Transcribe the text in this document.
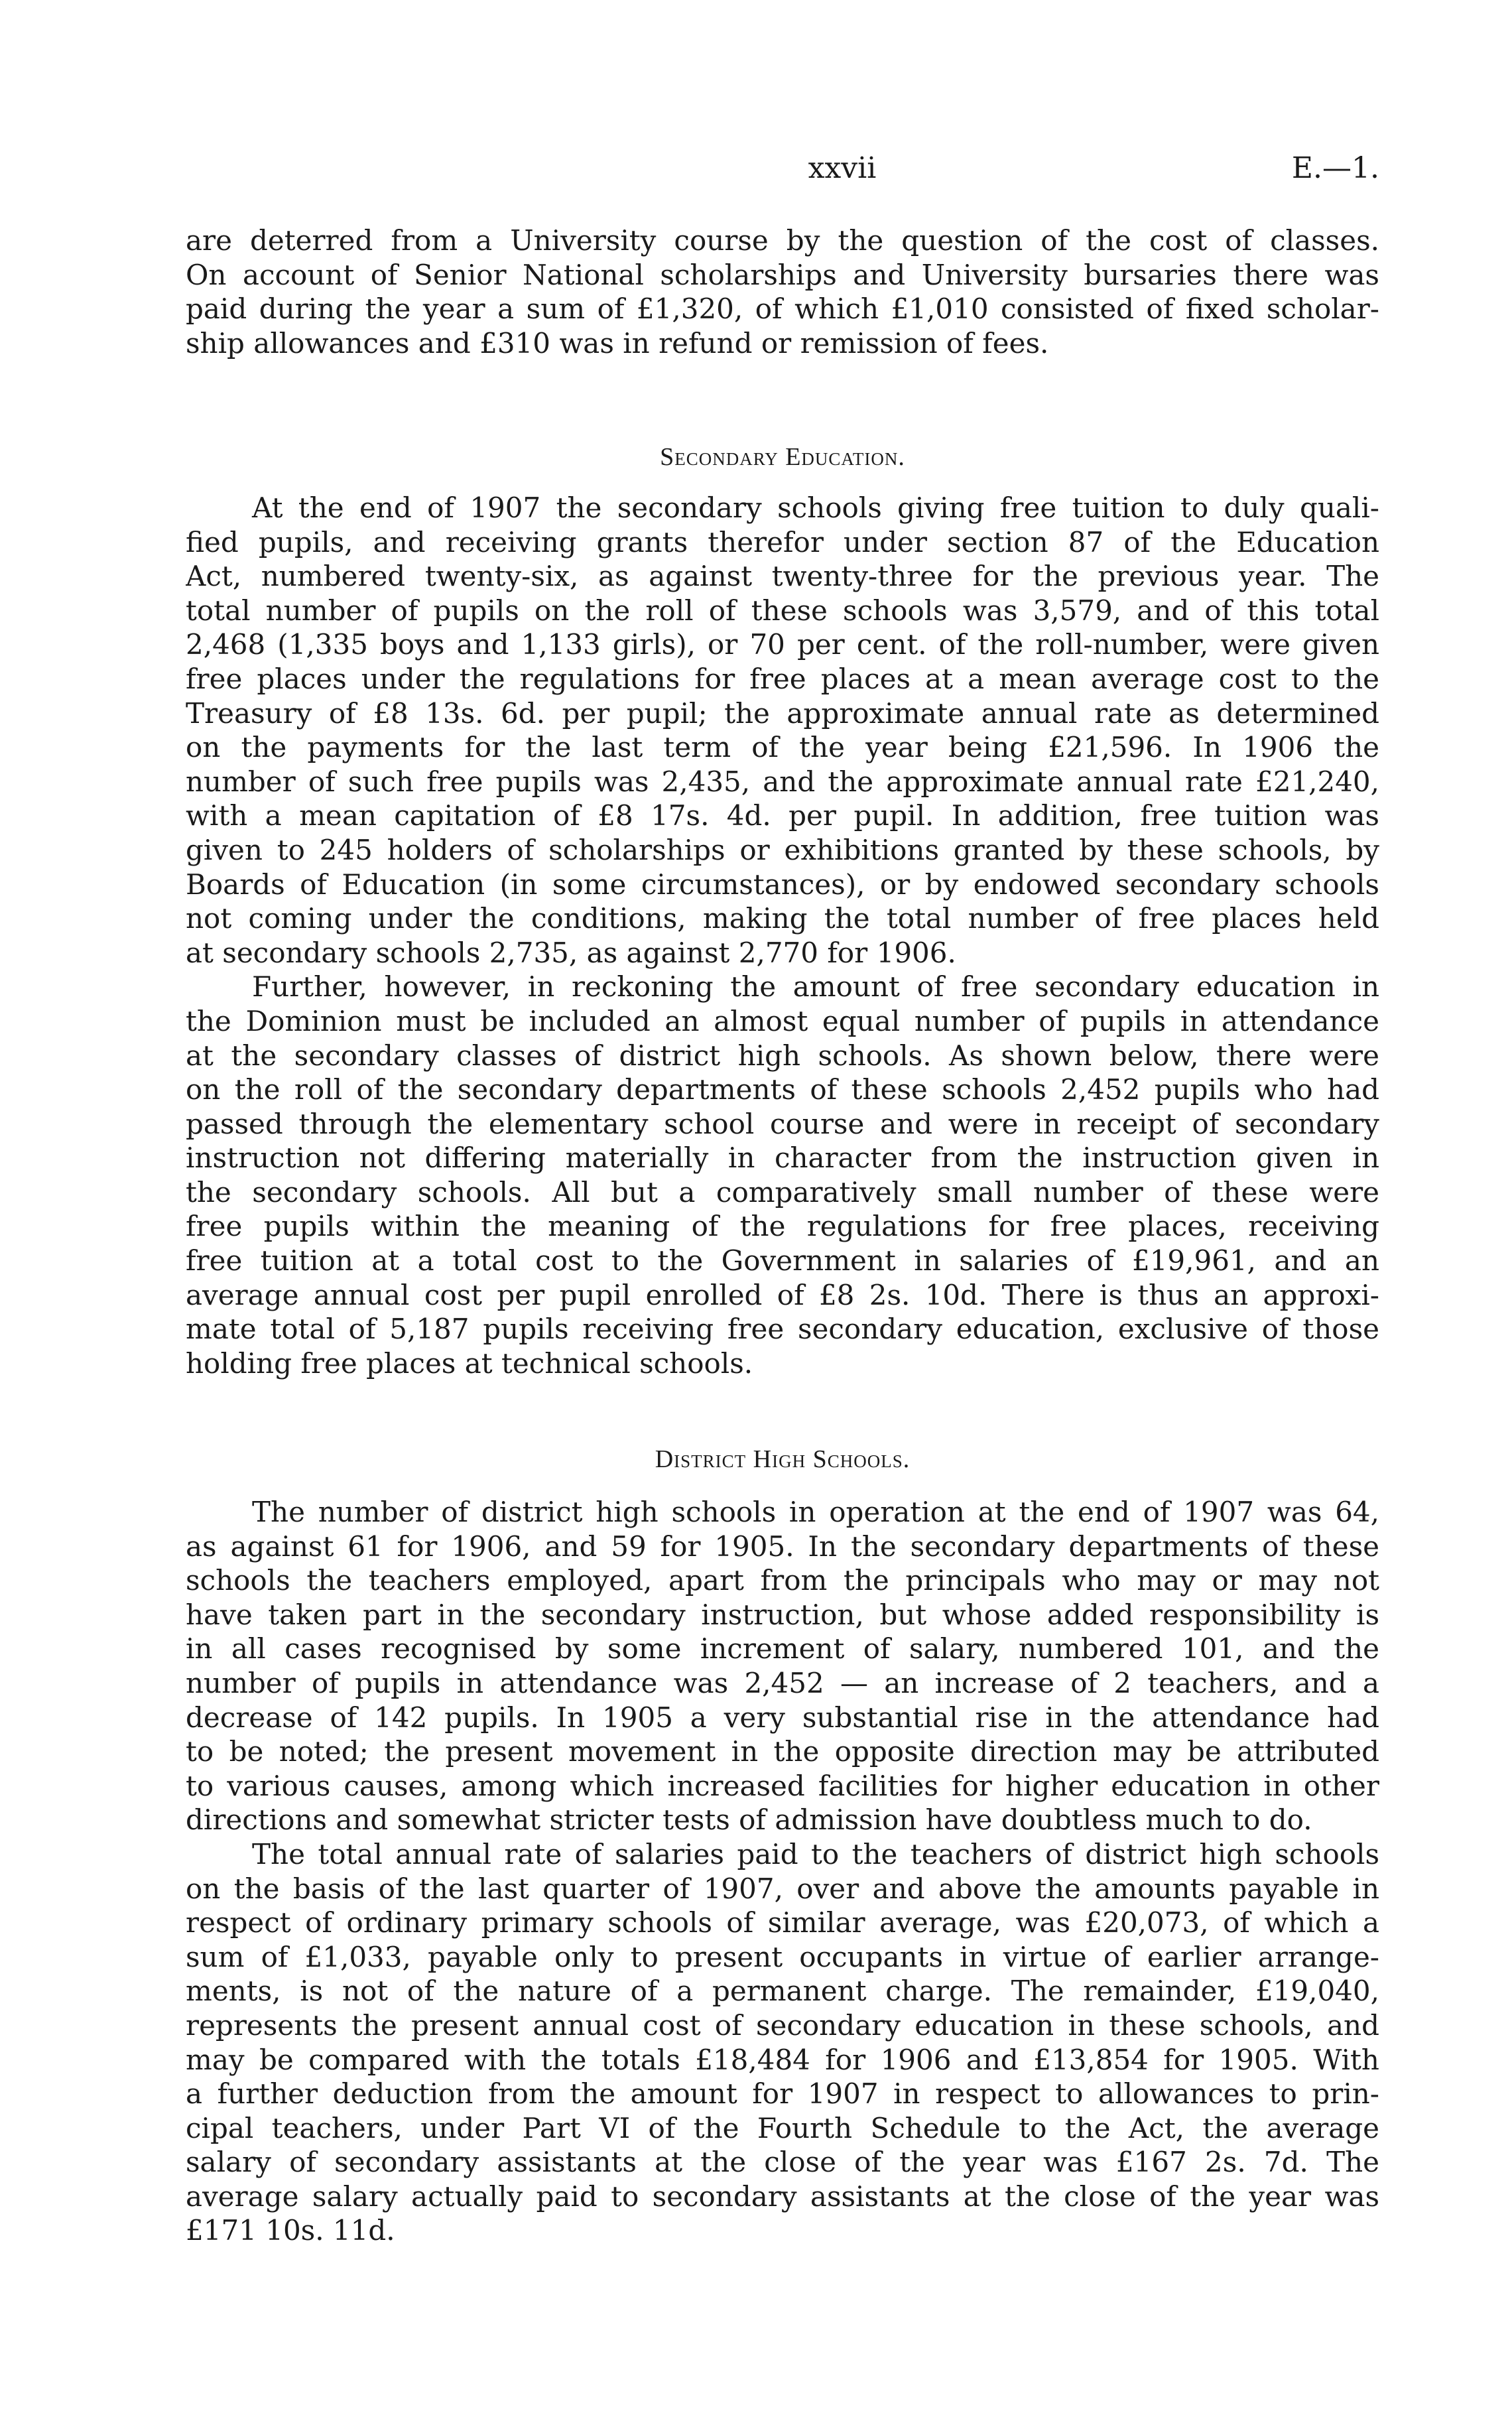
xxvii	E.—1.
are deterred from a University course by the question of the cost of classes.
On account of Senior National scholarships and University bursaries there was
paid during the year a sum of £1,320, of which £1,010 consisted of fixed scholar-
ship allowances and £310 was in refund or remission of fees.
Secondary Education.
At the end of 1907 the secondary schools giving free tuition to duly quali-
fied pupils, and receiving grants therefor under section 87 of the Education
Act, numbered twenty-six, as against twenty-three for the previous year. The
total number of pupils on the roll of these schools was 3,579, and of this total
2,468 (1,335 boys and 1,133 girls), or 70 per cent. of the roll-number, were given
free places under the regulations for free places at a mean average cost to the
Treasury of £8 13s. 6d. per pupil; the approximate annual rate as determined
on the payments for the last term of the year being £21,596. In 1906 the
number of such free pupils was 2,435, and the approximate annual rate £21,240,
with a mean capitation of £8 17s. 4d. per pupil. In addition, free tuition was
given to 245 holders of scholarships or exhibitions granted by these schools, by
Boards of Education (in some circumstances), or by endowed secondary schools
not coming under the conditions, making the total number of free places held
at secondary schools 2,735, as against 2,770 for 1906.
Further, however, in reckoning the amount of free secondary education in
the Dominion must be included an almost equal number of pupils in attendance
at the secondary classes of district high schools. As shown below, there were
on the roll of the secondary departments of these schools 2,452 pupils who had
passed through the elementary school course and were in receipt of secondary
instruction not differing materially in character from the instruction given in
the secondary schools. All but a comparatively small number of these were
free pupils within the meaning of the regulations for free places, receiving
free tuition at a total cost to the Government in salaries of £19,961, and an
average annual cost per pupil enrolled of £8 2s. 10d. There is thus an approxi-
mate total of 5,187 pupils receiving free secondary education, exclusive of those
holding free places at technical schools.
District High Schools.
The number of district high schools in operation at the end of 1907 was 64,
as against 61 for 1906, and 59 for 1905. In the secondary departments of these
schools the teachers employed, apart from the principals who may or may not
have taken part in the secondary instruction, but whose added responsibility is
in all cases recognised by some increment of salary, numbered 101, and the
number of pupils in attendance was 2,452 — an increase of 2 teachers, and a
decrease of 142 pupils. In 1905 a very substantial rise in the attendance had
to be noted; the present movement in the opposite direction may be attributed
to various causes, among which increased facilities for higher education in other
directions and somewhat stricter tests of admission have doubtless much to do.
The total annual rate of salaries paid to the teachers of district high schools
on the basis of the last quarter of 1907, over and above the amounts payable in
respect of ordinary primary schools of similar average, was £20,073, of which a
sum of £1,033, payable only to present occupants in virtue of earlier arrange-
ments, is not of the nature of a permanent charge. The remainder, £19,040,
represents the present annual cost of secondary education in these schools, and
may be compared with the totals £18,484 for 1906 and £13,854 for 1905. With
a further deduction from the amount for 1907 in respect to allowances to prin-
cipal teachers, under Part VI of the Fourth Schedule to the Act, the average
salary of secondary assistants at the close of the year was £167 2s. 7d. The
average salary actually paid to secondary assistants at the close of the year was
£171 10s. 11d.
